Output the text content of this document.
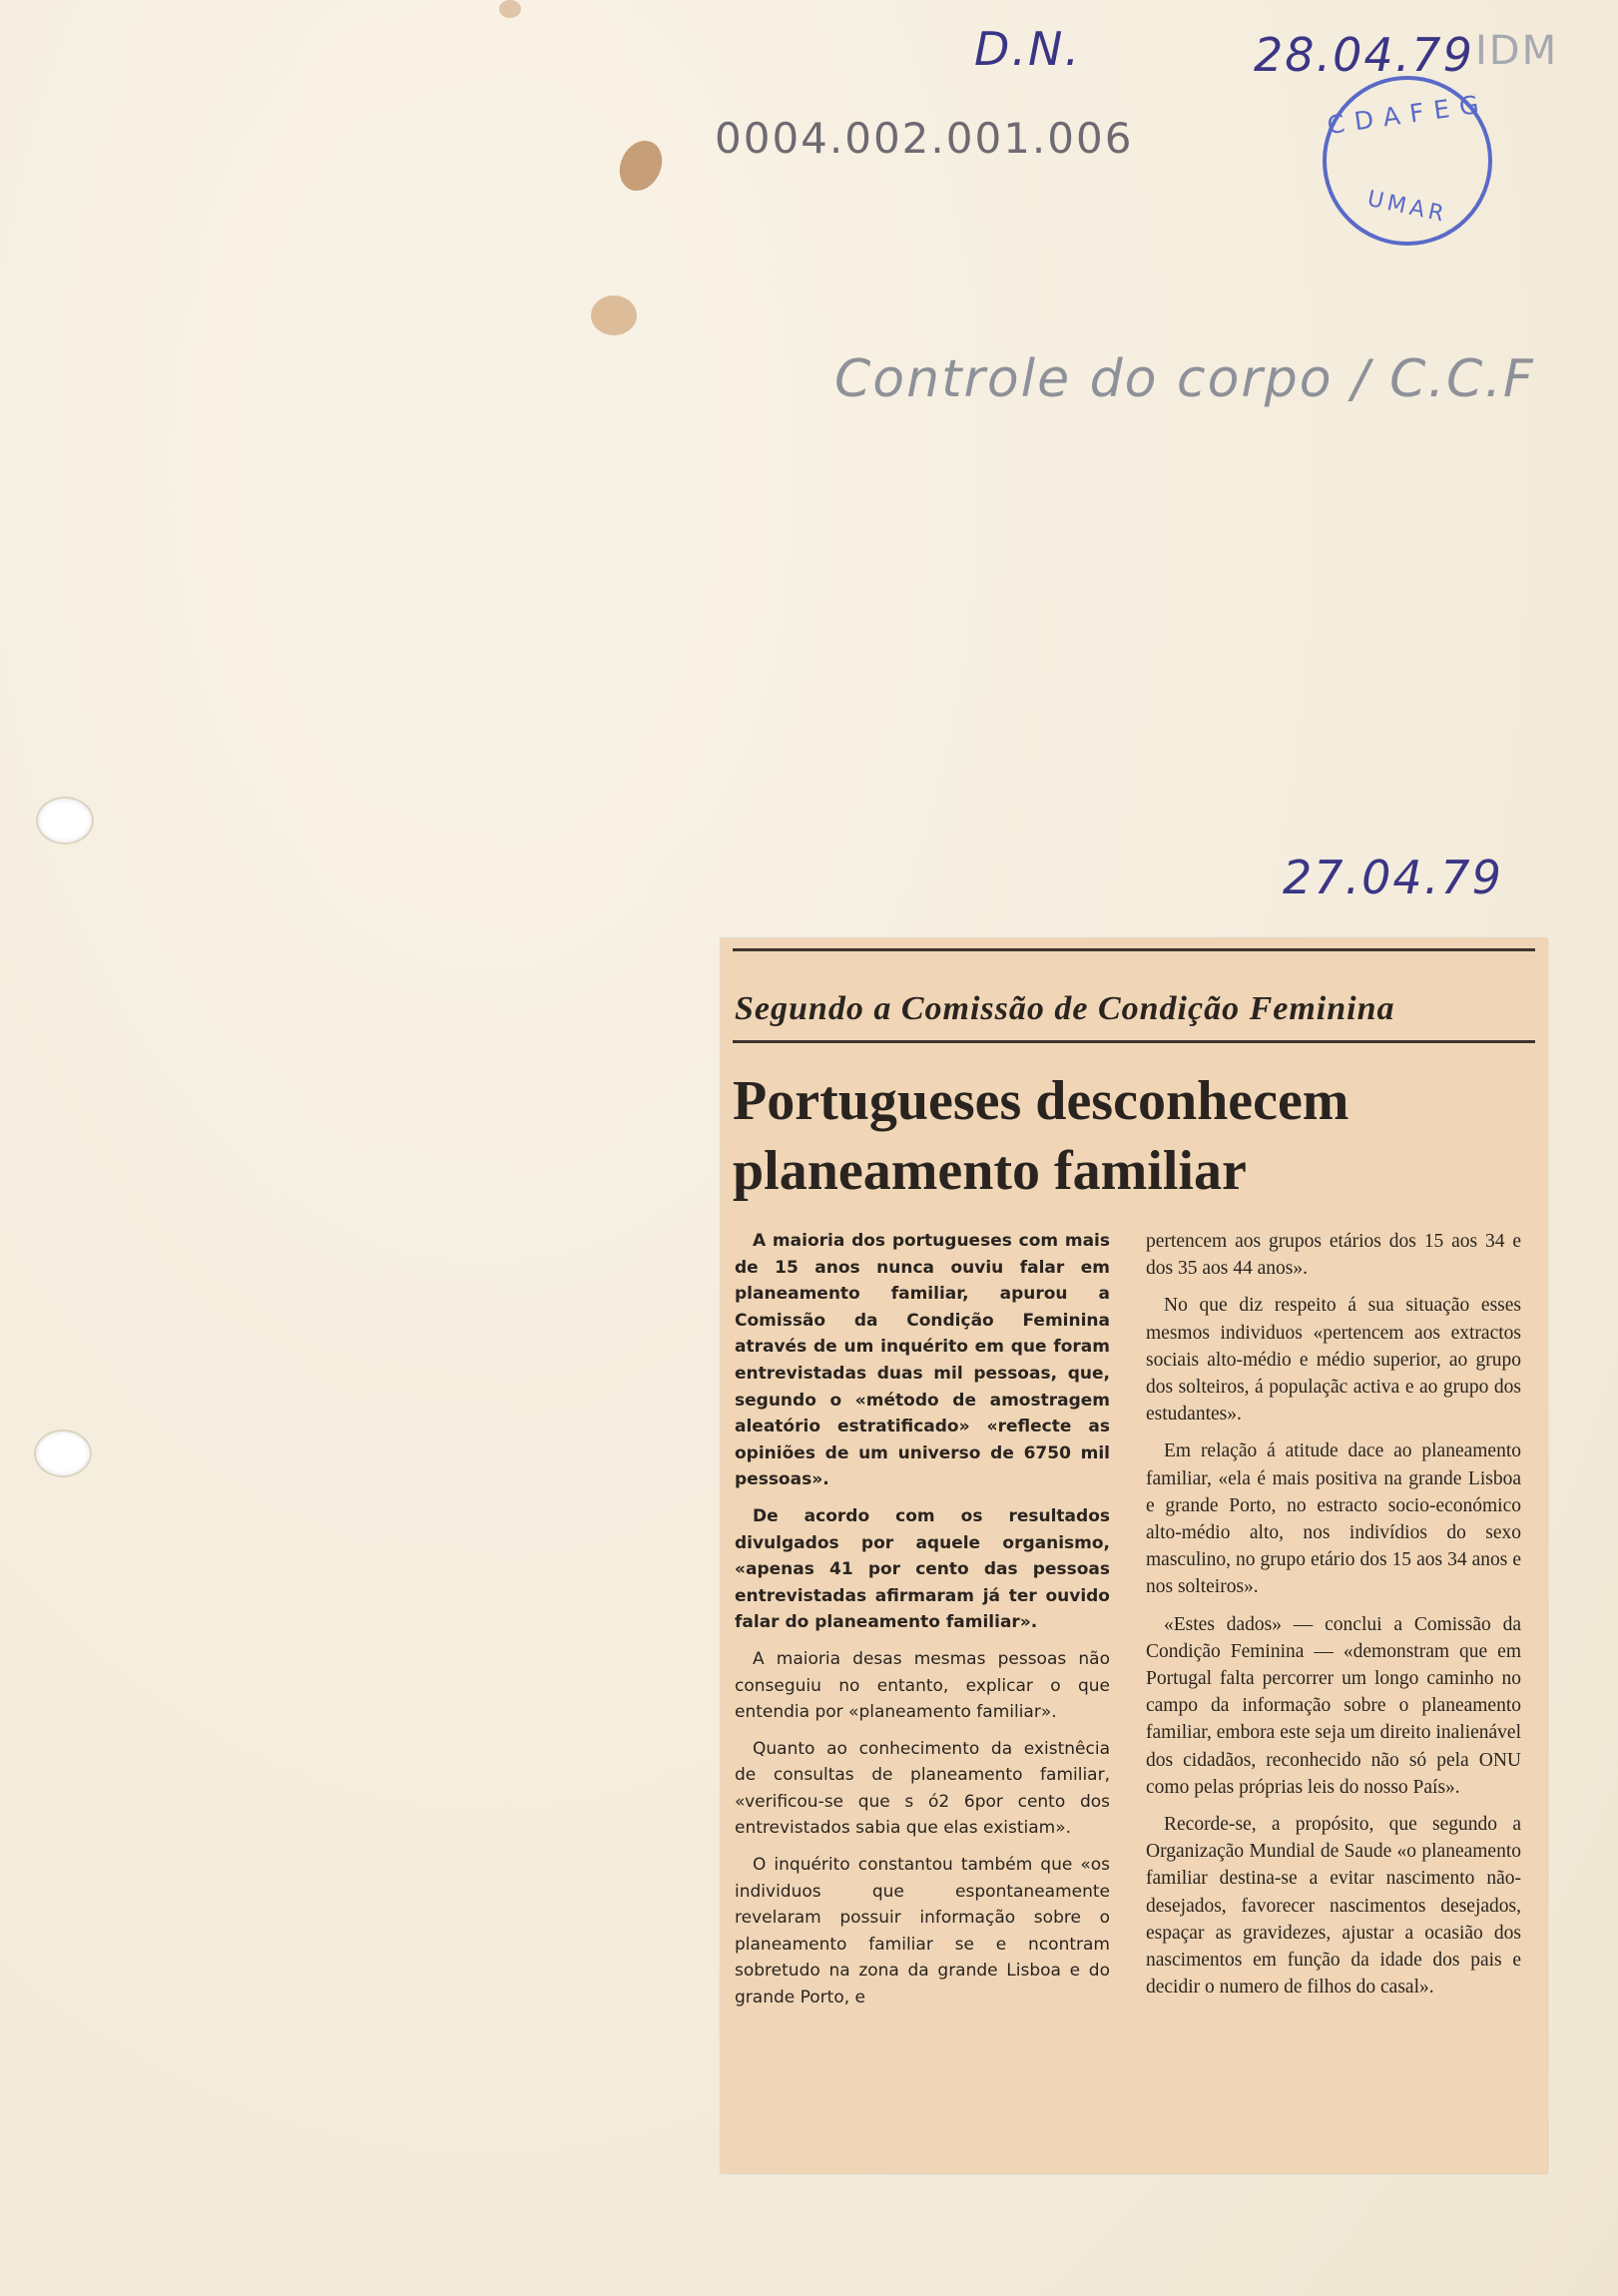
D.N.	28.04.79 IDM
0004.002.001.006
Controle do corpo / C.C.F
27.04.79
CDAFEG
UMAR
Segundo a Comissão de Condição Feminina
Portugueses desconhecem
planeamento familiar

A maioria dos portugueses com mais de 15 anos nunca ouviu falar em planeamento familiar, apurou a Comissão da Condição Feminina através de um inquérito em que foram entrevistadas duas mil pessoas, que, segundo o «método de amostragem aleatório estratificado» «reflecte as opiniões de um universo de 6750 mil pessoas».

De acordo com os resultados divulgados por aquele organismo, «apenas 41 por cento das pessoas entrevistadas afirmaram já ter ouvido falar do planeamento familiar».

A maioria desas mesmas pessoas não conseguiu no entanto, explicar o que entendia por «planeamento familiar».

Quanto ao conhecimento da existnêcia de consultas de planeamento familiar, «verificou-se que s ó2 6por cento dos entrevistados sabia que elas existiam».

O inquérito constantou também que «os individuos que espontaneamente revelaram possuir informação sobre o planeamento familiar se e ncontram sobretudo na zona da grande Lisboa e do grande Porto, e

pertencem aos grupos etários dos 15 aos 34 e dos 35 aos 44 anos».

No que diz respeito á sua situação esses mesmos individuos «pertencem aos extractos sociais alto-médio e médio superior, ao grupo dos solteiros, á populaçãc activa e ao grupo dos estudantes».

Em relação á atitude dace ao planeamento familiar, «ela é mais positiva na grande Lisboa e grande Porto, no estracto socio-económico alto-médio alto, nos indivídios do sexo masculino, no grupo etário dos 15 aos 34 anos e nos solteiros».

«Estes dados» — conclui a Comissão da Condição Feminina — «demonstram que em Portugal falta percorrer um longo caminho no campo da informação sobre o planeamento familiar, embora este seja um direito inalienável dos cidadãos, reconhecido não só pela ONU como pelas próprias leis do nosso País».

Recorde-se, a propósito, que segundo a Organização Mundial de Saude «o planeamento familiar destina-se a evitar nascimento não-desejados, favorecer nascimentos desejados, espaçar as gravidezes, ajustar a ocasião dos nascimentos em função da idade dos pais e decidir o numero de filhos do casal».
